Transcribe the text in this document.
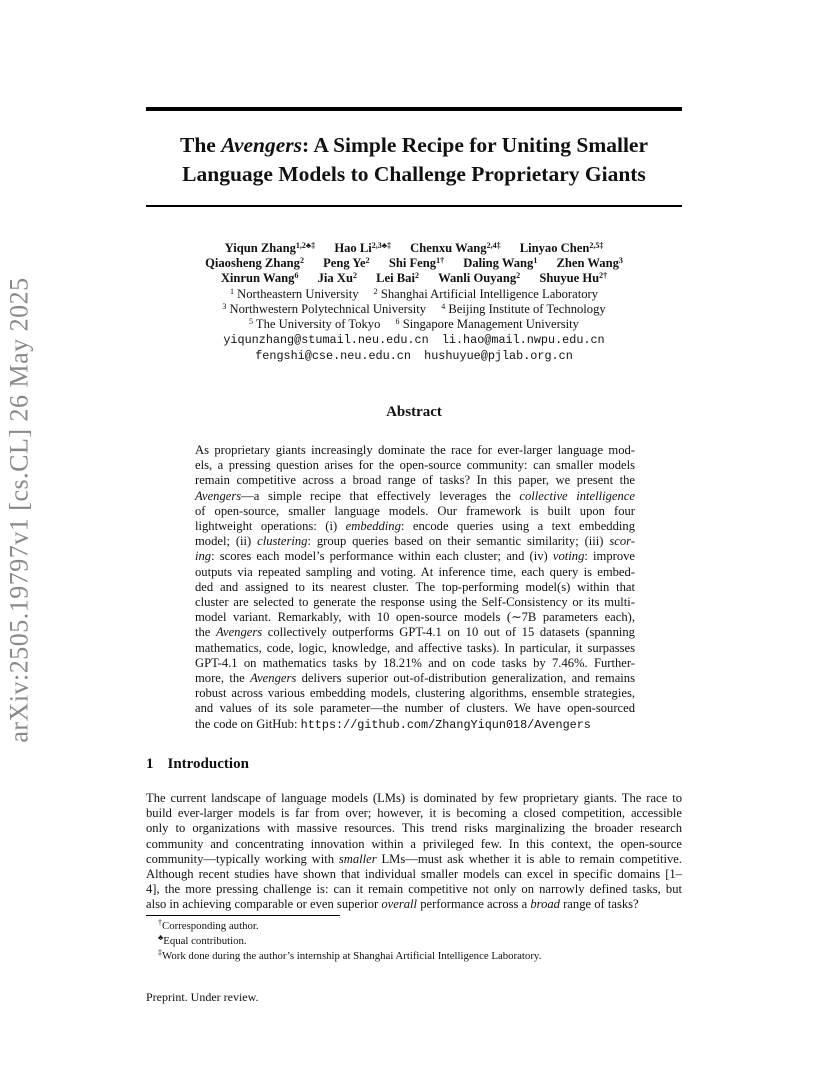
arXiv:2505.19797v1 [cs.CL] 26 May 2025
The Avengers: A Simple Recipe for Uniting Smaller
Language Models to Challenge Proprietary Giants
Yiqun Zhang$^{1,2♣\ddagger}$ Hao $Li^{2,3♣\ddagger}$ Chenxu Wang$^{2,4\ddagger}$ Linyao Chen$^{2,5\ddagger}$
Qiaosheng Zhang$^2$ Peng Ye$^2$ Shi Feng$^{1\dagger}$ Daling Wang$^1$ Zhen Wang$^3$
Xinrun Wang$^6$ Jia Xu$^2$ Lei Bai$^2$ Wanli Ouyang$^2$ Shuyue $Hu^{2\dagger}$
$^1$ Northeastern University $^2$ Shanghai Artificial Intelligence Laboratory
$^3$ Northwestern Polytechnical University $^4$ Beijing Institute of Technology
$^5$ The University of Tokyo $^6$ Singapore Management University
yiqunzhang@stumail.neu.edu.cn li.hao@mail.nwpu.edu.cn
fengshi@cse.neu.edu.cn hushuyue@pjlab.org.cn
Abstract
As proprietary giants increasingly dominate the race for ever-larger language mod-
els, a pressing question arises for the open-source community: can smaller models
remain competitive across a broad range of tasks? In this paper, we present the
Avengers—a simple recipe that effectively leverages the collective intelligence
of open-source, smaller language models. Our framework is built upon four
lightweight operations: (i) embedding: encode queries using a text embedding
model; (ii) clustering: group queries based on their semantic similarity; (iii) scor-
ing: scores each model’s performance within each cluster; and (iv) voting: improve
outputs via repeated sampling and voting. At inference time, each query is embed-
ded and assigned to its nearest cluster. The top-performing model(s) within that
cluster are selected to generate the response using the Self-Consistency or its multi-
model variant. Remarkably, with 10 open-source models (∼7B parameters each),
the Avengers collectively outperforms GPT-4.1 on 10 out of 15 datasets (spanning
mathematics, code, logic, knowledge, and affective tasks). In particular, it surpasses
GPT-4.1 on mathematics tasks by 18.21% and on code tasks by 7.46%. Further-
more, the Avengers delivers superior out-of-distribution generalization, and remains
robust across various embedding models, clustering algorithms, ensemble strategies,
and values of its sole parameter—the number of clusters. We have open-sourced
the code on GitHub: https://github.com/ZhangYiqun018/Avengers
1 Introduction
The current landscape of language models (LMs) is dominated by few proprietary giants. The race to
build ever-larger models is far from over; however, it is becoming a closed competition, accessible
only to organizations with massive resources. This trend risks marginalizing the broader research
community and concentrating innovation within a privileged few. In this context, the open-source
community—typically working with smaller LMs—must ask whether it is able to remain competitive.
Although recent studies have shown that individual smaller models can excel in specific domains [1–
4], the more pressing challenge is: can it remain competitive not only on narrowly defined tasks, but
also in achieving comparable or even superior overall performance across a broad range of tasks?
†Corresponding author.
♣Equal contribution.
‡Work done during the author’s internship at Shanghai Artificial Intelligence Laboratory.
Preprint. Under review.
